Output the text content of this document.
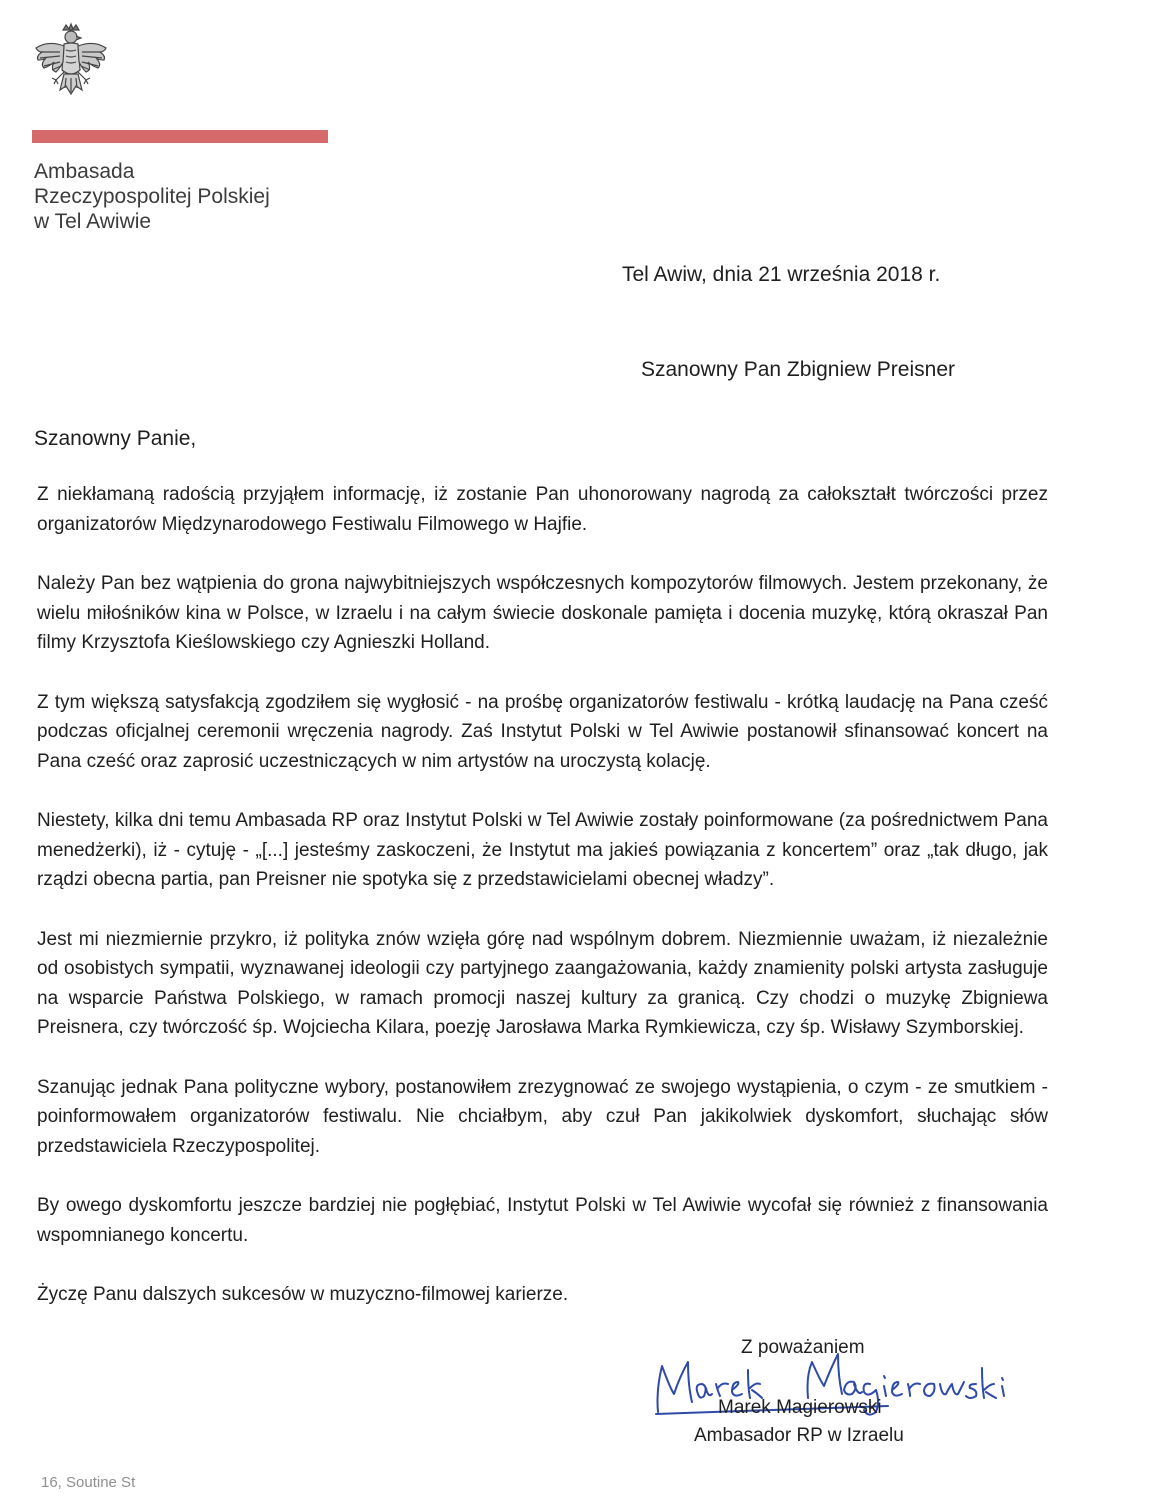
Ambasada
Rzeczypospolitej Polskiej
w Tel Awiwie
Tel Awiw, dnia 21 września 2018 r.
Szanowny Pan Zbigniew Preisner
Szanowny Panie,

Z niekłamaną radością przyjąłem informację, iż zostanie Pan uhonorowany nagrodą za całokształt twórczości przez organizatorów Międzynarodowego Festiwalu Filmowego w Hajfie.

Należy Pan bez wątpienia do grona najwybitniejszych współczesnych kompozytorów filmowych. Jestem przekonany, że wielu miłośników kina w Polsce, w Izraelu i na całym świecie doskonale pamięta i docenia muzykę, którą okraszał Pan filmy Krzysztofa Kieślowskiego czy Agnieszki Holland.

Z tym większą satysfakcją zgodziłem się wygłosić - na prośbę organizatorów festiwalu - krótką laudację na Pana cześć podczas oficjalnej ceremonii wręczenia nagrody. Zaś Instytut Polski w Tel Awiwie postanowił sfinansować koncert na Pana cześć oraz zaprosić uczestniczących w nim artystów na uroczystą kolację.

Niestety, kilka dni temu Ambasada RP oraz Instytut Polski w Tel Awiwie zostały poinformowane (za pośrednictwem Pana menedżerki), iż - cytuję - „[...] jesteśmy zaskoczeni, że Instytut ma jakieś powiązania z koncertem” oraz „tak długo, jak rządzi obecna partia, pan Preisner nie spotyka się z przedstawicielami obecnej władzy”.

Jest mi niezmiernie przykro, iż polityka znów wzięła górę nad wspólnym dobrem. Niezmiennie uważam, iż niezależnie od osobistych sympatii, wyznawanej ideologii czy partyjnego zaangażowania, każdy znamienity polski artysta zasługuje na wsparcie Państwa Polskiego, w ramach promocji naszej kultury za granicą. Czy chodzi o muzykę Zbigniewa Preisnera, czy twórczość śp. Wojciecha Kilara, poezję Jarosława Marka Rymkiewicza, czy śp. Wisławy Szymborskiej.

Szanując jednak Pana polityczne wybory, postanowiłem zrezygnować ze swojego wystąpienia, o czym - ze smutkiem - poinformowałem organizatorów festiwalu. Nie chciałbym, aby czuł Pan jakikolwiek dyskomfort, słuchając słów przedstawiciela Rzeczypospolitej.

By owego dyskomfortu jeszcze bardziej nie pogłębiać, Instytut Polski w Tel Awiwie wycofał się również z finansowania wspomnianego koncertu.

Życzę Panu dalszych sukcesów w muzyczno-filmowej karierze.

Z poważaniem
Marek Magierowski
Ambasador RP w Izraelu
16, Soutine St
